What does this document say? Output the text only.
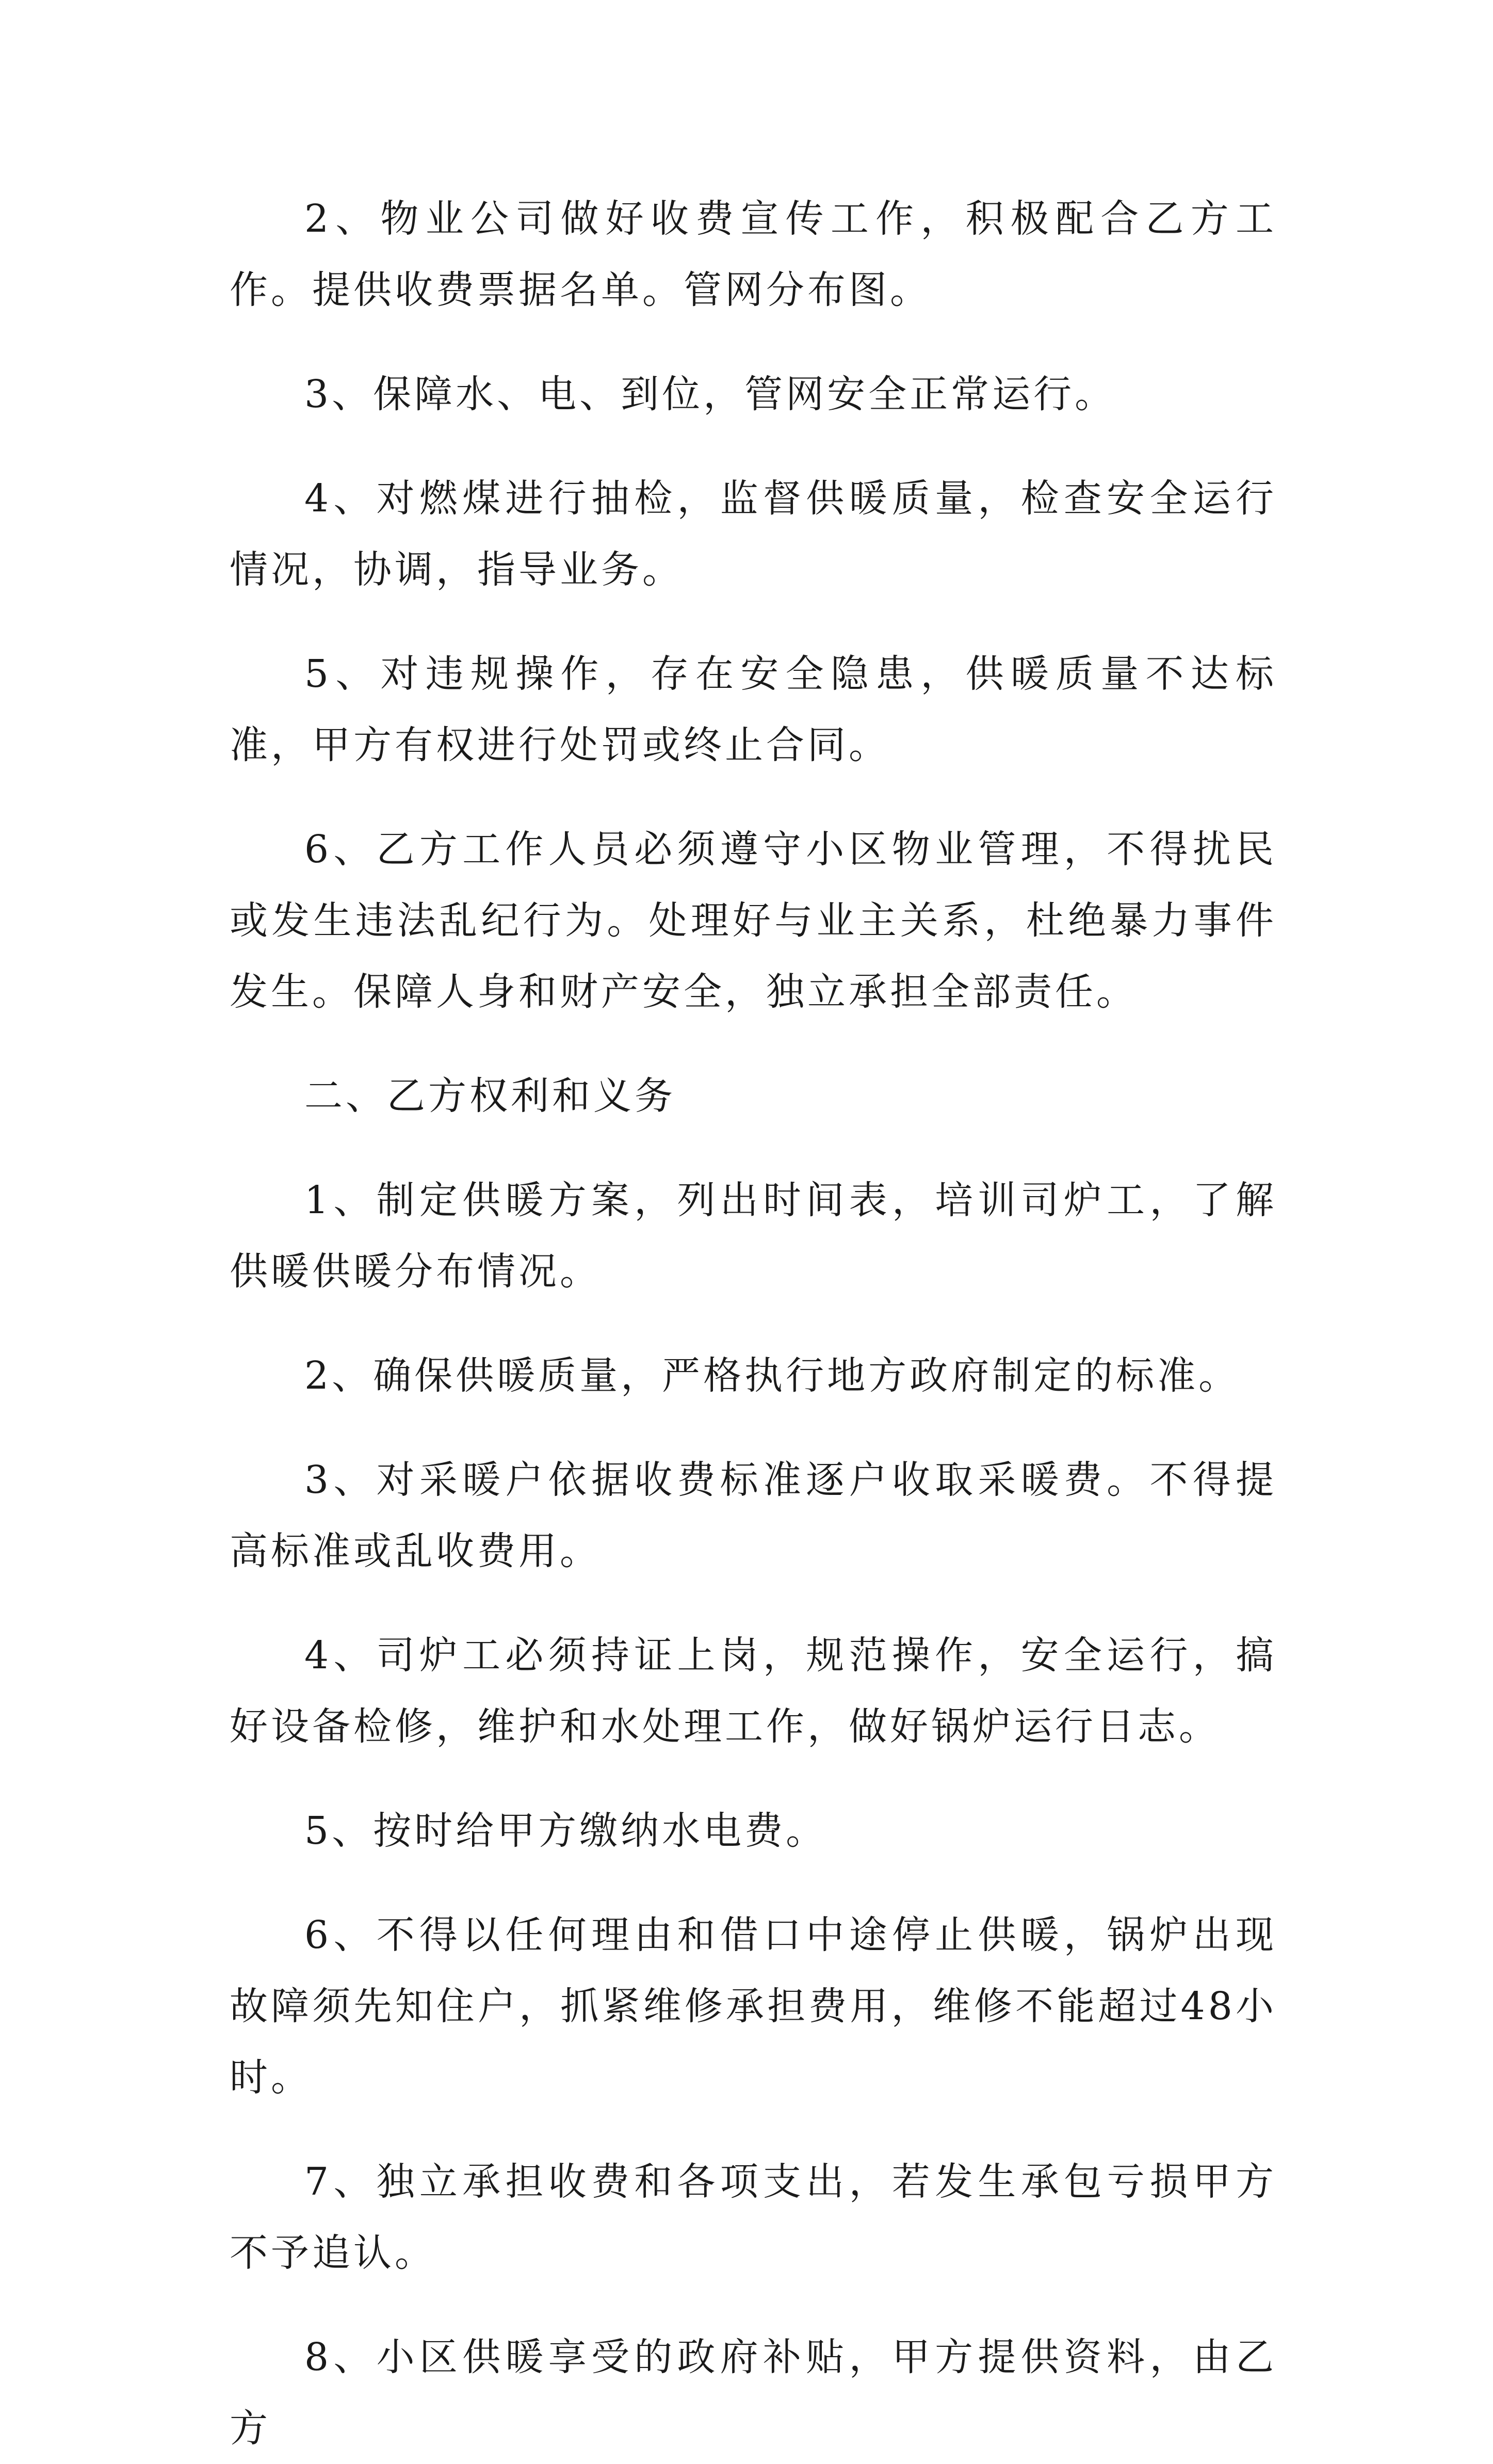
2、物业公司做好收费宣传工作，积极配合乙方工作。提供收费票据名单。管网分布图。

3、保障水、电、到位，管网安全正常运行。

4、对燃煤进行抽检，监督供暖质量，检查安全运行情况，协调，指导业务。

5、对违规操作，存在安全隐患，供暖质量不达标准，甲方有权进行处罚或终止合同。

6、乙方工作人员必须遵守小区物业管理，不得扰民或发生违法乱纪行为。处理好与业主关系，杜绝暴力事件发生。保障人身和财产安全，独立承担全部责任。

二、乙方权利和义务

1、制定供暖方案，列出时间表，培训司炉工，了解供暖供暖分布情况。

2、确保供暖质量，严格执行地方政府制定的标准。

3、对采暖户依据收费标准逐户收取采暖费。不得提高标准或乱收费用。

4、司炉工必须持证上岗，规范操作，安全运行，搞好设备检修，维护和水处理工作，做好锅炉运行日志。

5、按时给甲方缴纳水电费。

6、不得以任何理由和借口中途停止供暖，锅炉出现故障须先知住户，抓紧维修承担费用，维修不能超过48小时。

7、独立承担收费和各项支出，若发生承包亏损甲方不予追认。

8、小区供暖享受的政府补贴，甲方提供资料，由乙方
